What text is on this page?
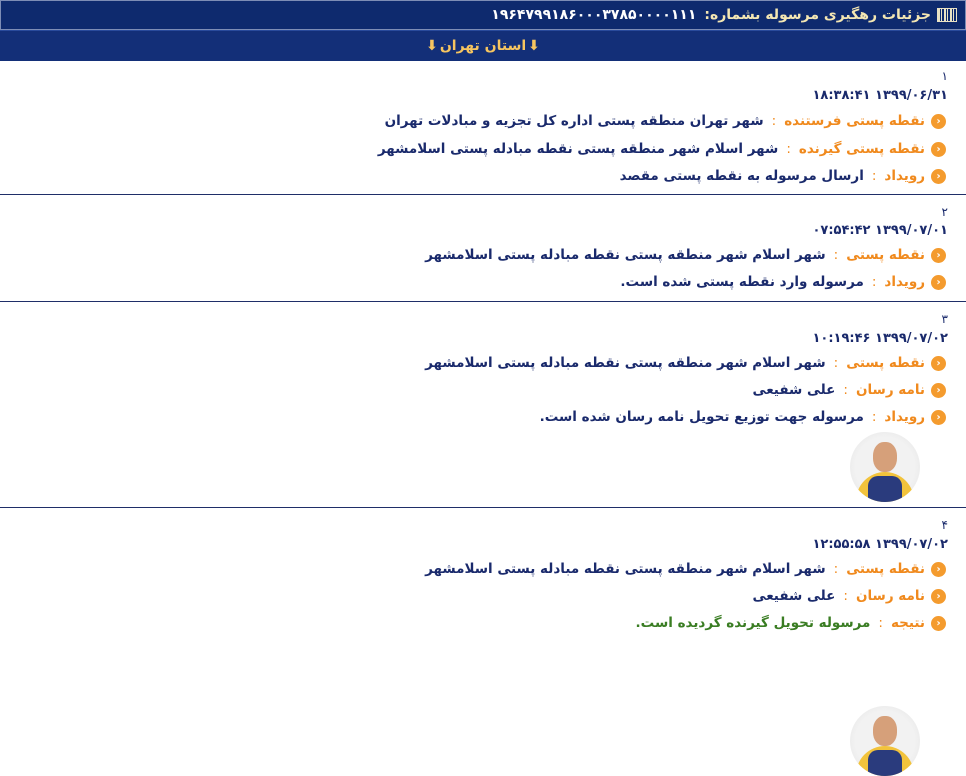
جزئیات رهگیری مرسوله بشماره:
۱۹۶۴۷۹۹۱۸۶۰۰۰۳۷۸۵۰۰۰۰۱۱۱
⬇
استان تهران
⬇
۱
۱۳۹۹/۰۶/۳۱ ۱۸:۳۸:۴۱
‹
نقطه پستی فرستنده
:
شهر تهران منطقه پستی اداره کل تجزیه و مبادلات تهران
‹
نقطه پستی گیرنده
:
شهر اسلام شهر منطقه پستی نقطه مبادله پستی اسلامشهر
‹
رویداد
:
ارسال مرسوله به نقطه پستی مقصد
۲
۱۳۹۹/۰۷/۰۱ ۰۷:۵۴:۴۲
‹
نقطه پستی
:
شهر اسلام شهر منطقه پستی نقطه مبادله پستی اسلامشهر
‹
رویداد
:
مرسوله وارد نقطه پستی شده است.
۳
۱۳۹۹/۰۷/۰۲ ۱۰:۱۹:۴۶
‹
نقطه پستی
:
شهر اسلام شهر منطقه پستی نقطه مبادله پستی اسلامشهر
‹
نامه رسان
:
علی شفیعی
‹
رویداد
:
مرسوله جهت توزیع تحویل نامه رسان شده است.
۴
۱۳۹۹/۰۷/۰۲ ۱۲:۵۵:۵۸
‹
نقطه پستی
:
شهر اسلام شهر منطقه پستی نقطه مبادله پستی اسلامشهر
‹
نامه رسان
:
علی شفیعی
‹
نتیجه
:
مرسوله تحویل گیرنده گردیده است.
